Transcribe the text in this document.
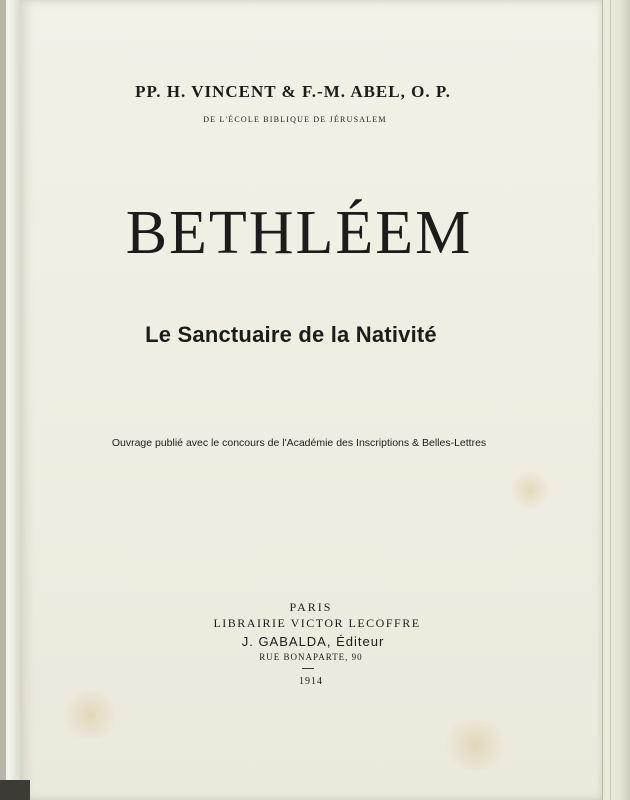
PP. H. VINCENT & F.-M. ABEL, O. P.
DE L'ÉCOLE BIBLIQUE DE JÉRUSALEM
BETHLÉEM
Le Sanctuaire de la Nativité
Ouvrage publié avec le concours de l'Académie des Inscriptions & Belles-Lettres
PARIS
LIBRAIRIE VICTOR LECOFFRE
J. GABALDA, Éditeur
RUE BONAPARTE, 90
1914
